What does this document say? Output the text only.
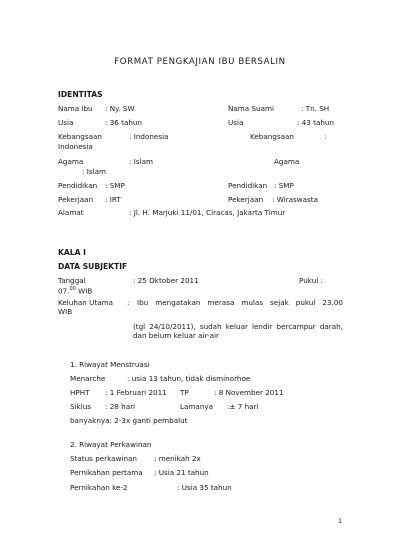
FORMAT PENGKAJIAN IBU BERSALIN
IDENTITAS
Nama ibu : Ny. SW	Nama Suami	: Tn. SH
Usia	: 36 tahun	Usia	: 43 tahun
Kebangsaan	: Indonesia	Kebangsaan	:
Indonesia
Agama	: Islam	Agama
: Islam
Pendidikan : SMP	Pendidikan : SMP
Pekerjaan : IRT	Pekerjaan : Wiraswasta
Alamat	: Jl. H. Marjuki 11/01, Ciracas, Jakarta Timur
KALA I
DATA SUBJEKTIF
Tanggal	: 25 Oktober 2011	Pukul :
07.00 WIB
Keluhan Utama : Ibu mengatakan merasa mulas sejak pukul 23.00
WIB
(tgl 24/10/2011), sudah keluar lendir bercampur darah, dan belum keluar air-air
1. Riwayat Menstruasi
Menarche	: usia 13 tahun, tidak disminorhoe
HPHT : 1 Februari 2011 TP	: 8 November 2011
Siklus : 28 hari	Lamanya :± 7 hari
banyaknya: 2-3x ganti pembalut
2. Riwayat Perkawinan
Status perkawinan : menikah 2x
Pernikahan pertama : Usia 21 tahun
Pernikahan ke-2	: Usia 35 tahun
1
